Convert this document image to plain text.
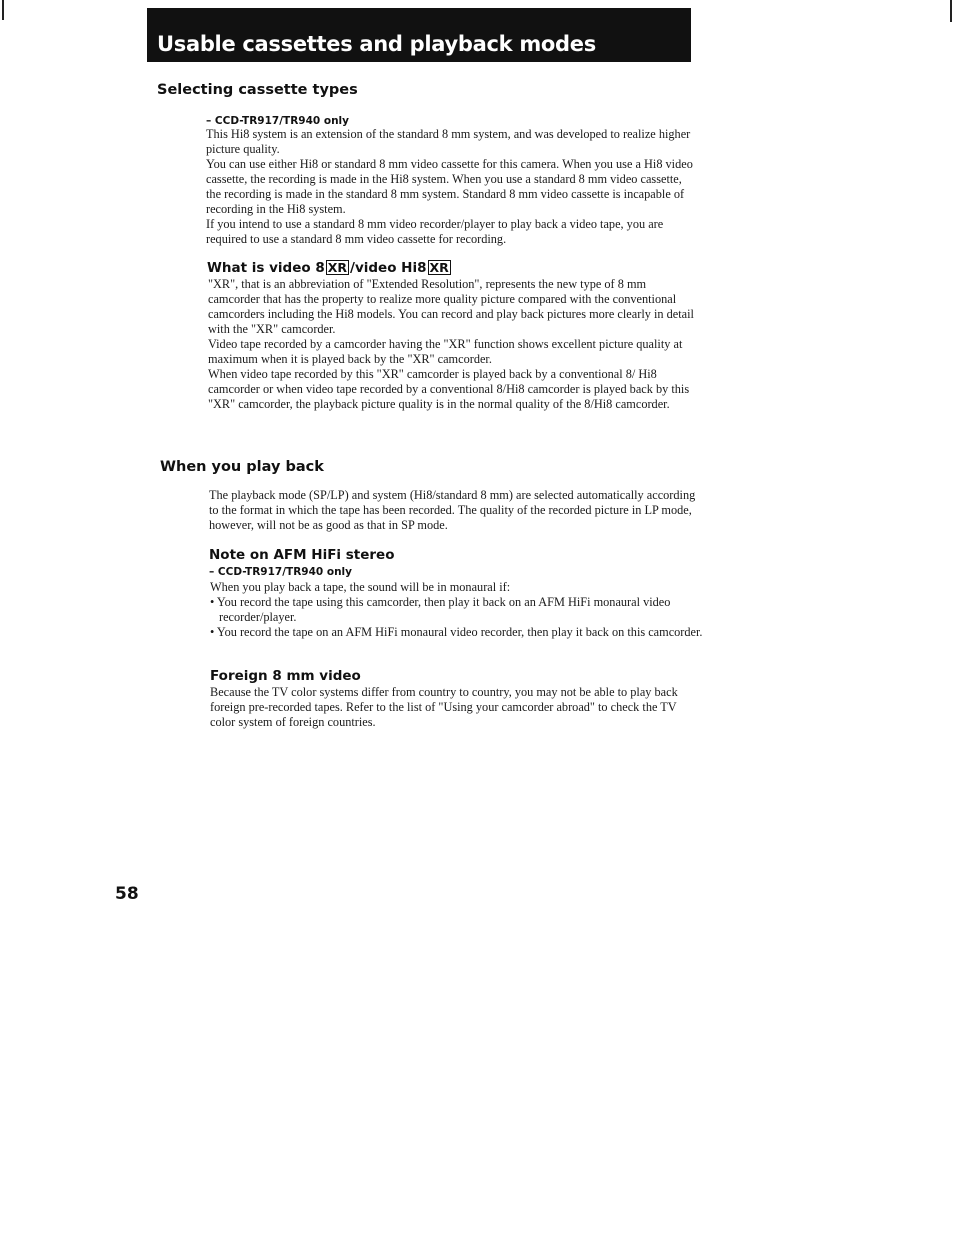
Usable cassettes and playback modes
Selecting cassette types

– CCD-TR917/TR940 only

This Hi8 system is an extension of the standard 8 mm system, and was developed to realize higher picture quality.

You can use either Hi8 or standard 8 mm video cassette for this camera. When you use a Hi8 video cassette, the recording is made in the Hi8 system. When you use a standard 8 mm video cassette, the recording is made in the standard 8 mm system. Standard 8 mm video cassette is incapable of recording in the Hi8 system.

If you intend to use a standard 8 mm video recorder/player to play back a video tape, you are required to use a standard 8 mm video cassette for recording.

What is video 8 XR /video Hi8 XR

"XR", that is an abbreviation of "Extended Resolution", represents the new type of 8 mm camcorder that has the property to realize more quality picture compared with the conventional camcorders including the Hi8 models. You can record and play back pictures more clearly in detail with the "XR" camcorder.

Video tape recorded by a camcorder having the "XR" function shows excellent picture quality at maximum when it is played back by the "XR" camcorder.

When video tape recorded by this "XR" camcorder is played back by a conventional 8/ Hi8 camcorder or when video tape recorded by a conventional 8/Hi8 camcorder is played back by this "XR" camcorder, the playback picture quality is in the normal quality of the 8/Hi8 camcorder.

When you play back

The playback mode (SP/LP) and system (Hi8/standard 8 mm) are selected automatically according to the format in which the tape has been recorded. The quality of the recorded picture in LP mode, however, will not be as good as that in SP mode.

Note on AFM HiFi stereo

– CCD-TR917/TR940 only

When you play back a tape, the sound will be in monaural if:

• You record the tape using this camcorder, then play it back on an AFM HiFi monaural video recorder/player.

• You record the tape on an AFM HiFi monaural video recorder, then play it back on this camcorder.

Foreign 8 mm video

Because the TV color systems differ from country to country, you may not be able to play back foreign pre-recorded tapes. Refer to the list of "Using your camcorder abroad" to check the TV color system of foreign countries.

58
